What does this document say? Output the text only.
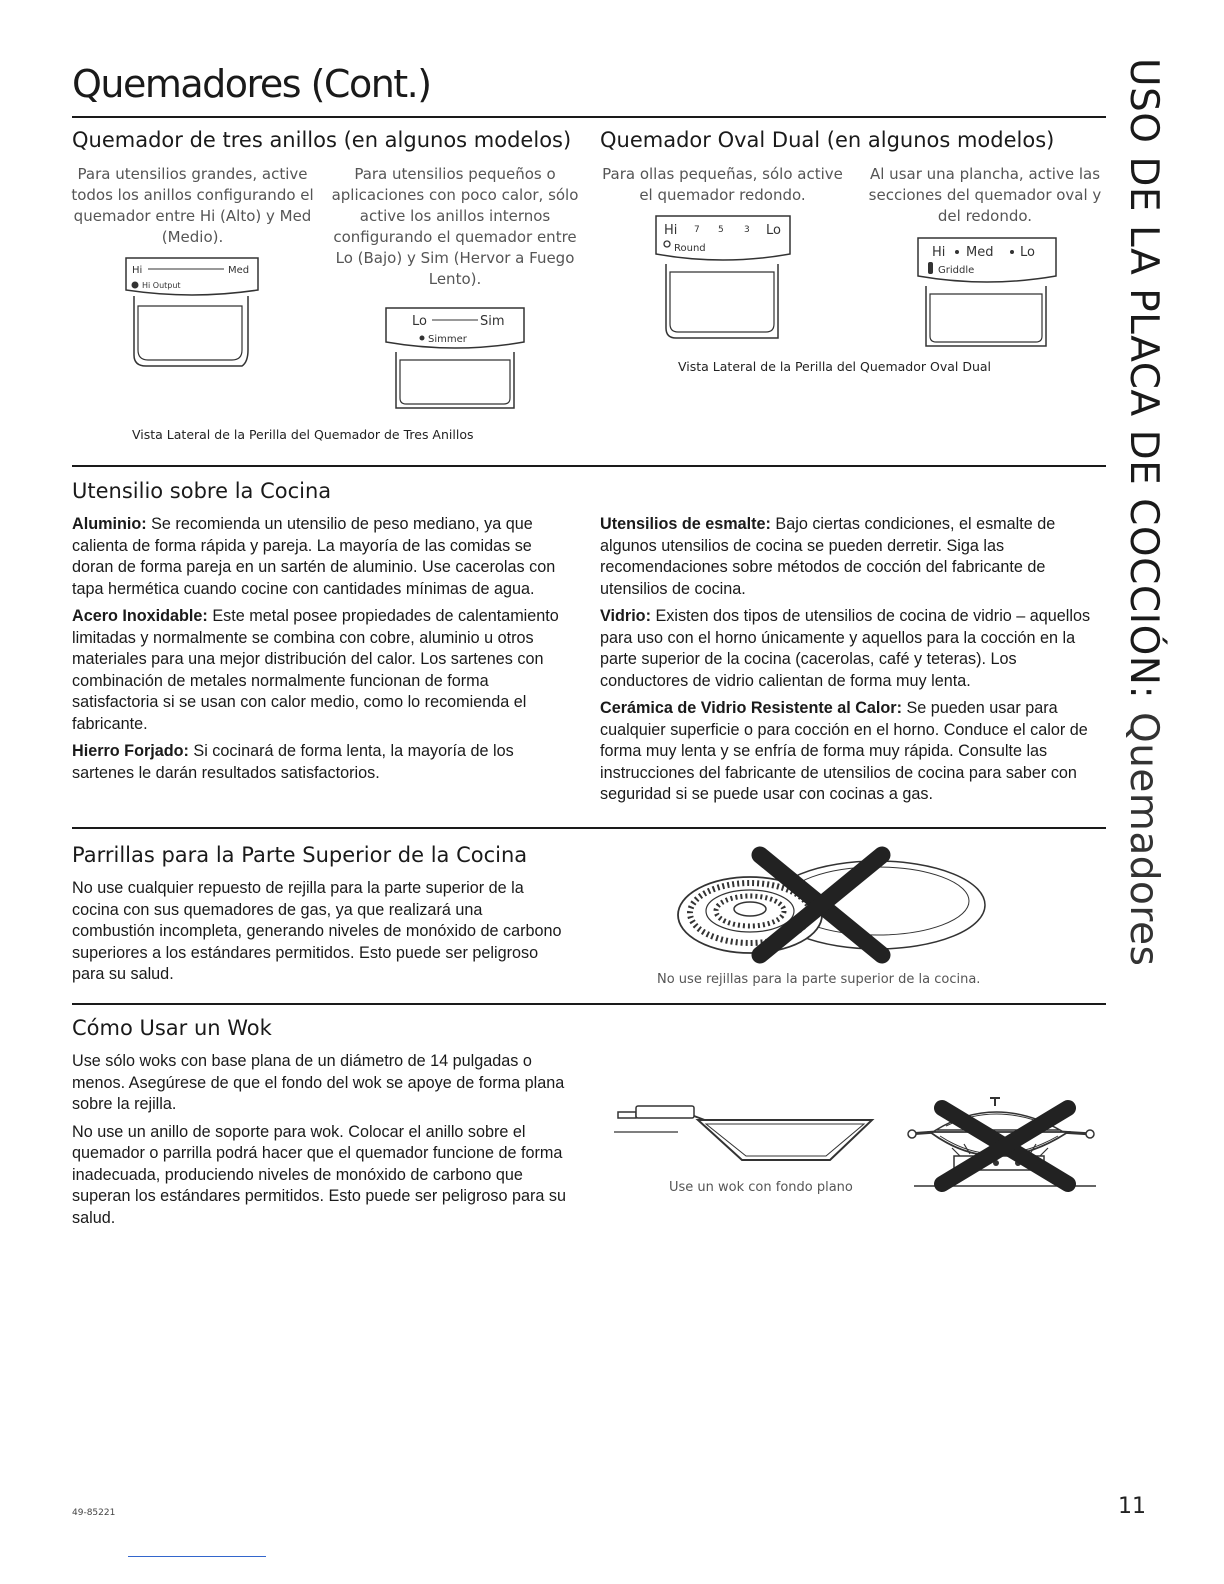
Quemadores (Cont.)	USO DE LA PLACA DE COCCIÓN: Quemadores
Quemador de tres anillos (en algunos modelos)
Para utensilios grandes, active todos los anillos configurando el quemador entre Hi (Alto) y Med (Medio).
Para utensilios pequeños o aplicaciones con poco calor, sólo active los anillos internos configurando el quemador entre Lo (Bajo) y Sim (Hervor a Fuego Lento).
Hi	Med
Hi Output
Lo	Sim
Simmer
Vista Lateral de la Perilla del Quemador de Tres Anillos
Quemador Oval Dual (en algunos modelos)
Para ollas pequeñas, sólo active el quemador redondo.
Al usar una plancha, active las secciones del quemador oval y del redondo.
Hi 7 5 3 Lo
Round	Hi Med Lo
Griddle
Vista Lateral de la Perilla del Quemador Oval Dual
Utensilio sobre la Cocina

Aluminio: Se recomienda un utensilio de peso mediano, ya que calienta de forma rápida y pareja. La mayoría de las comidas se doran de forma pareja en un sartén de aluminio. Use cacerolas con tapa hermética cuando cocine con cantidades mínimas de agua.

Acero Inoxidable: Este metal posee propiedades de calentamiento limitadas y normalmente se combina con cobre, aluminio u otros materiales para una mejor distribución del calor. Los sartenes con combinación de metales normalmente funcionan de forma satisfactoria si se usan con calor medio, como lo recomienda el fabricante.

Hierro Forjado: Si cocinará de forma lenta, la mayoría de los sartenes le darán resultados satisfactorios.

Utensilios de esmalte: Bajo ciertas condiciones, el esmalte de algunos utensilios de cocina se pueden derretir. Siga las recomendaciones sobre métodos de cocción del fabricante de utensilios de cocina.

Vidrio: Existen dos tipos de utensilios de cocina de vidrio – aquellos para uso con el horno únicamente y aquellos para la cocción en la parte superior de la cocina (cacerolas, café y teteras). Los conductores de vidrio calientan de forma muy lenta.

Cerámica de Vidrio Resistente al Calor: Se pueden usar para cualquier superficie o para cocción en el horno. Conduce el calor de forma muy lenta y se enfría de forma muy rápida. Consulte las instrucciones del fabricante de utensilios de cocina para saber con seguridad si se puede usar con cocinas a gas.

Parrillas para la Parte Superior de la Cocina
No use cualquier repuesto de rejilla para la parte superior de la cocina con sus quemadores de gas, ya que realizará una combustión incompleta, generando niveles de monóxido de carbono superiores a los estándares permitidos. Esto puede ser peligroso para su salud.	No use rejillas para la parte superior de la cocina.
Cómo Usar un Wok

Use sólo woks con base plana de un diámetro de 14 pulgadas o menos. Asegúrese de que el fondo del wok se apoye de forma plana sobre la rejilla.

No use un anillo de soporte para wok. Colocar el anillo sobre el quemador o parrilla podrá hacer que el quemador funcione de forma inadecuada, produciendo niveles de monóxido de carbono que superan los estándares permitidos. Esto puede ser peligroso para su salud.

Use un wok con fondo plano
49-85221	11
